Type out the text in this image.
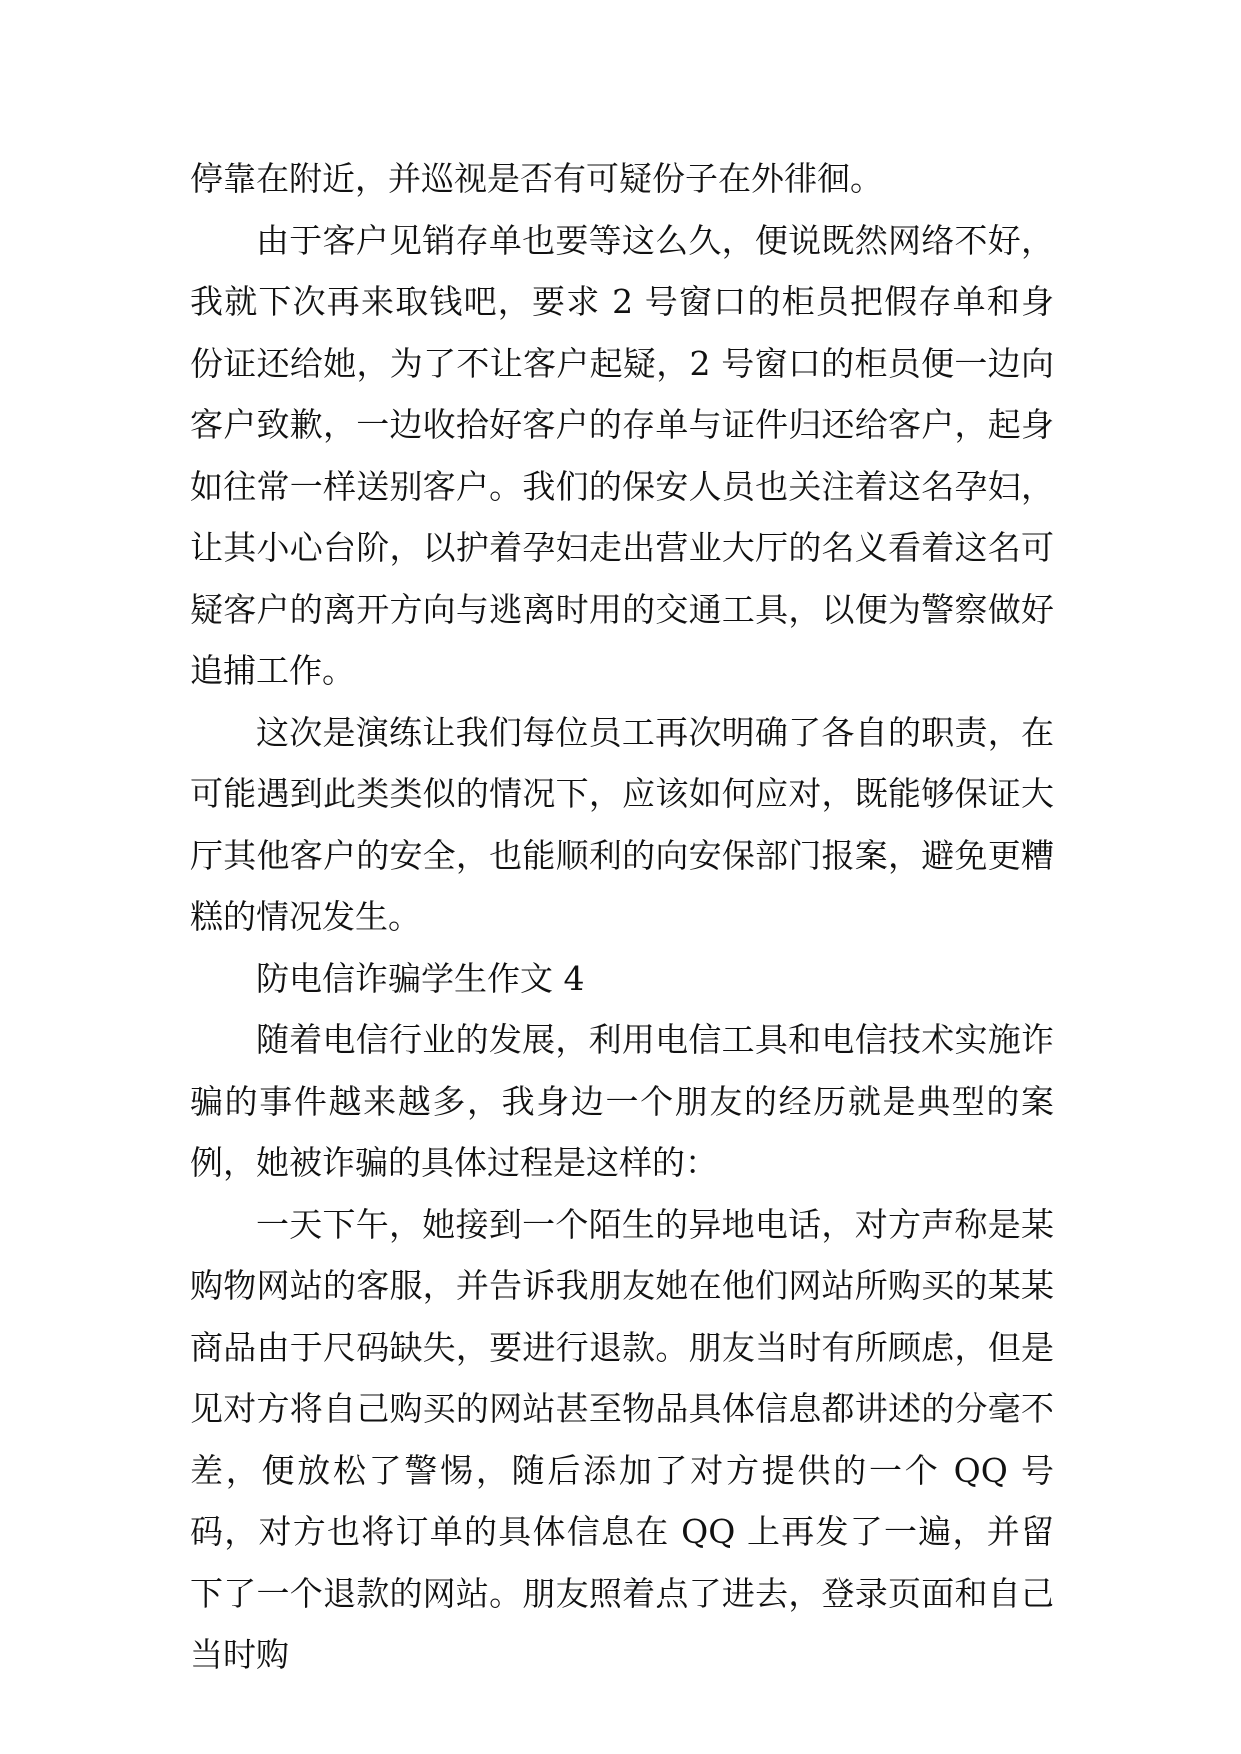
停靠在附近，并巡视是否有可疑份子在外徘徊。

由于客户见销存单也要等这么久，便说既然网络不好，我就下次再来取钱吧，要求 2 号窗口的柜员把假存单和身份证还给她，为了不让客户起疑，2 号窗口的柜员便一边向客户致歉，一边收拾好客户的存单与证件归还给客户，起身如往常一样送别客户。我们的保安人员也关注着这名孕妇，让其小心台阶，以护着孕妇走出营业大厅的名义看着这名可疑客户的离开方向与逃离时用的交通工具，以便为警察做好追捕工作。

这次是演练让我们每位员工再次明确了各自的职责，在可能遇到此类类似的情况下，应该如何应对，既能够保证大厅其他客户的安全，也能顺利的向安保部门报案，避免更糟糕的情况发生。

防电信诈骗学生作文 4

随着电信行业的发展，利用电信工具和电信技术实施诈骗的事件越来越多，我身边一个朋友的经历就是典型的案例，她被诈骗的具体过程是这样的：

一天下午，她接到一个陌生的异地电话，对方声称是某购物网站的客服，并告诉我朋友她在他们网站所购买的某某商品由于尺码缺失，要进行退款。朋友当时有所顾虑，但是见对方将自己购买的网站甚至物品具体信息都讲述的分毫不差，便放松了警惕，随后添加了对方提供的一个 QQ 号码，对方也将订单的具体信息在 QQ 上再发了一遍，并留下了一个退款的网站。朋友照着点了进去，登录页面和自己当时购
